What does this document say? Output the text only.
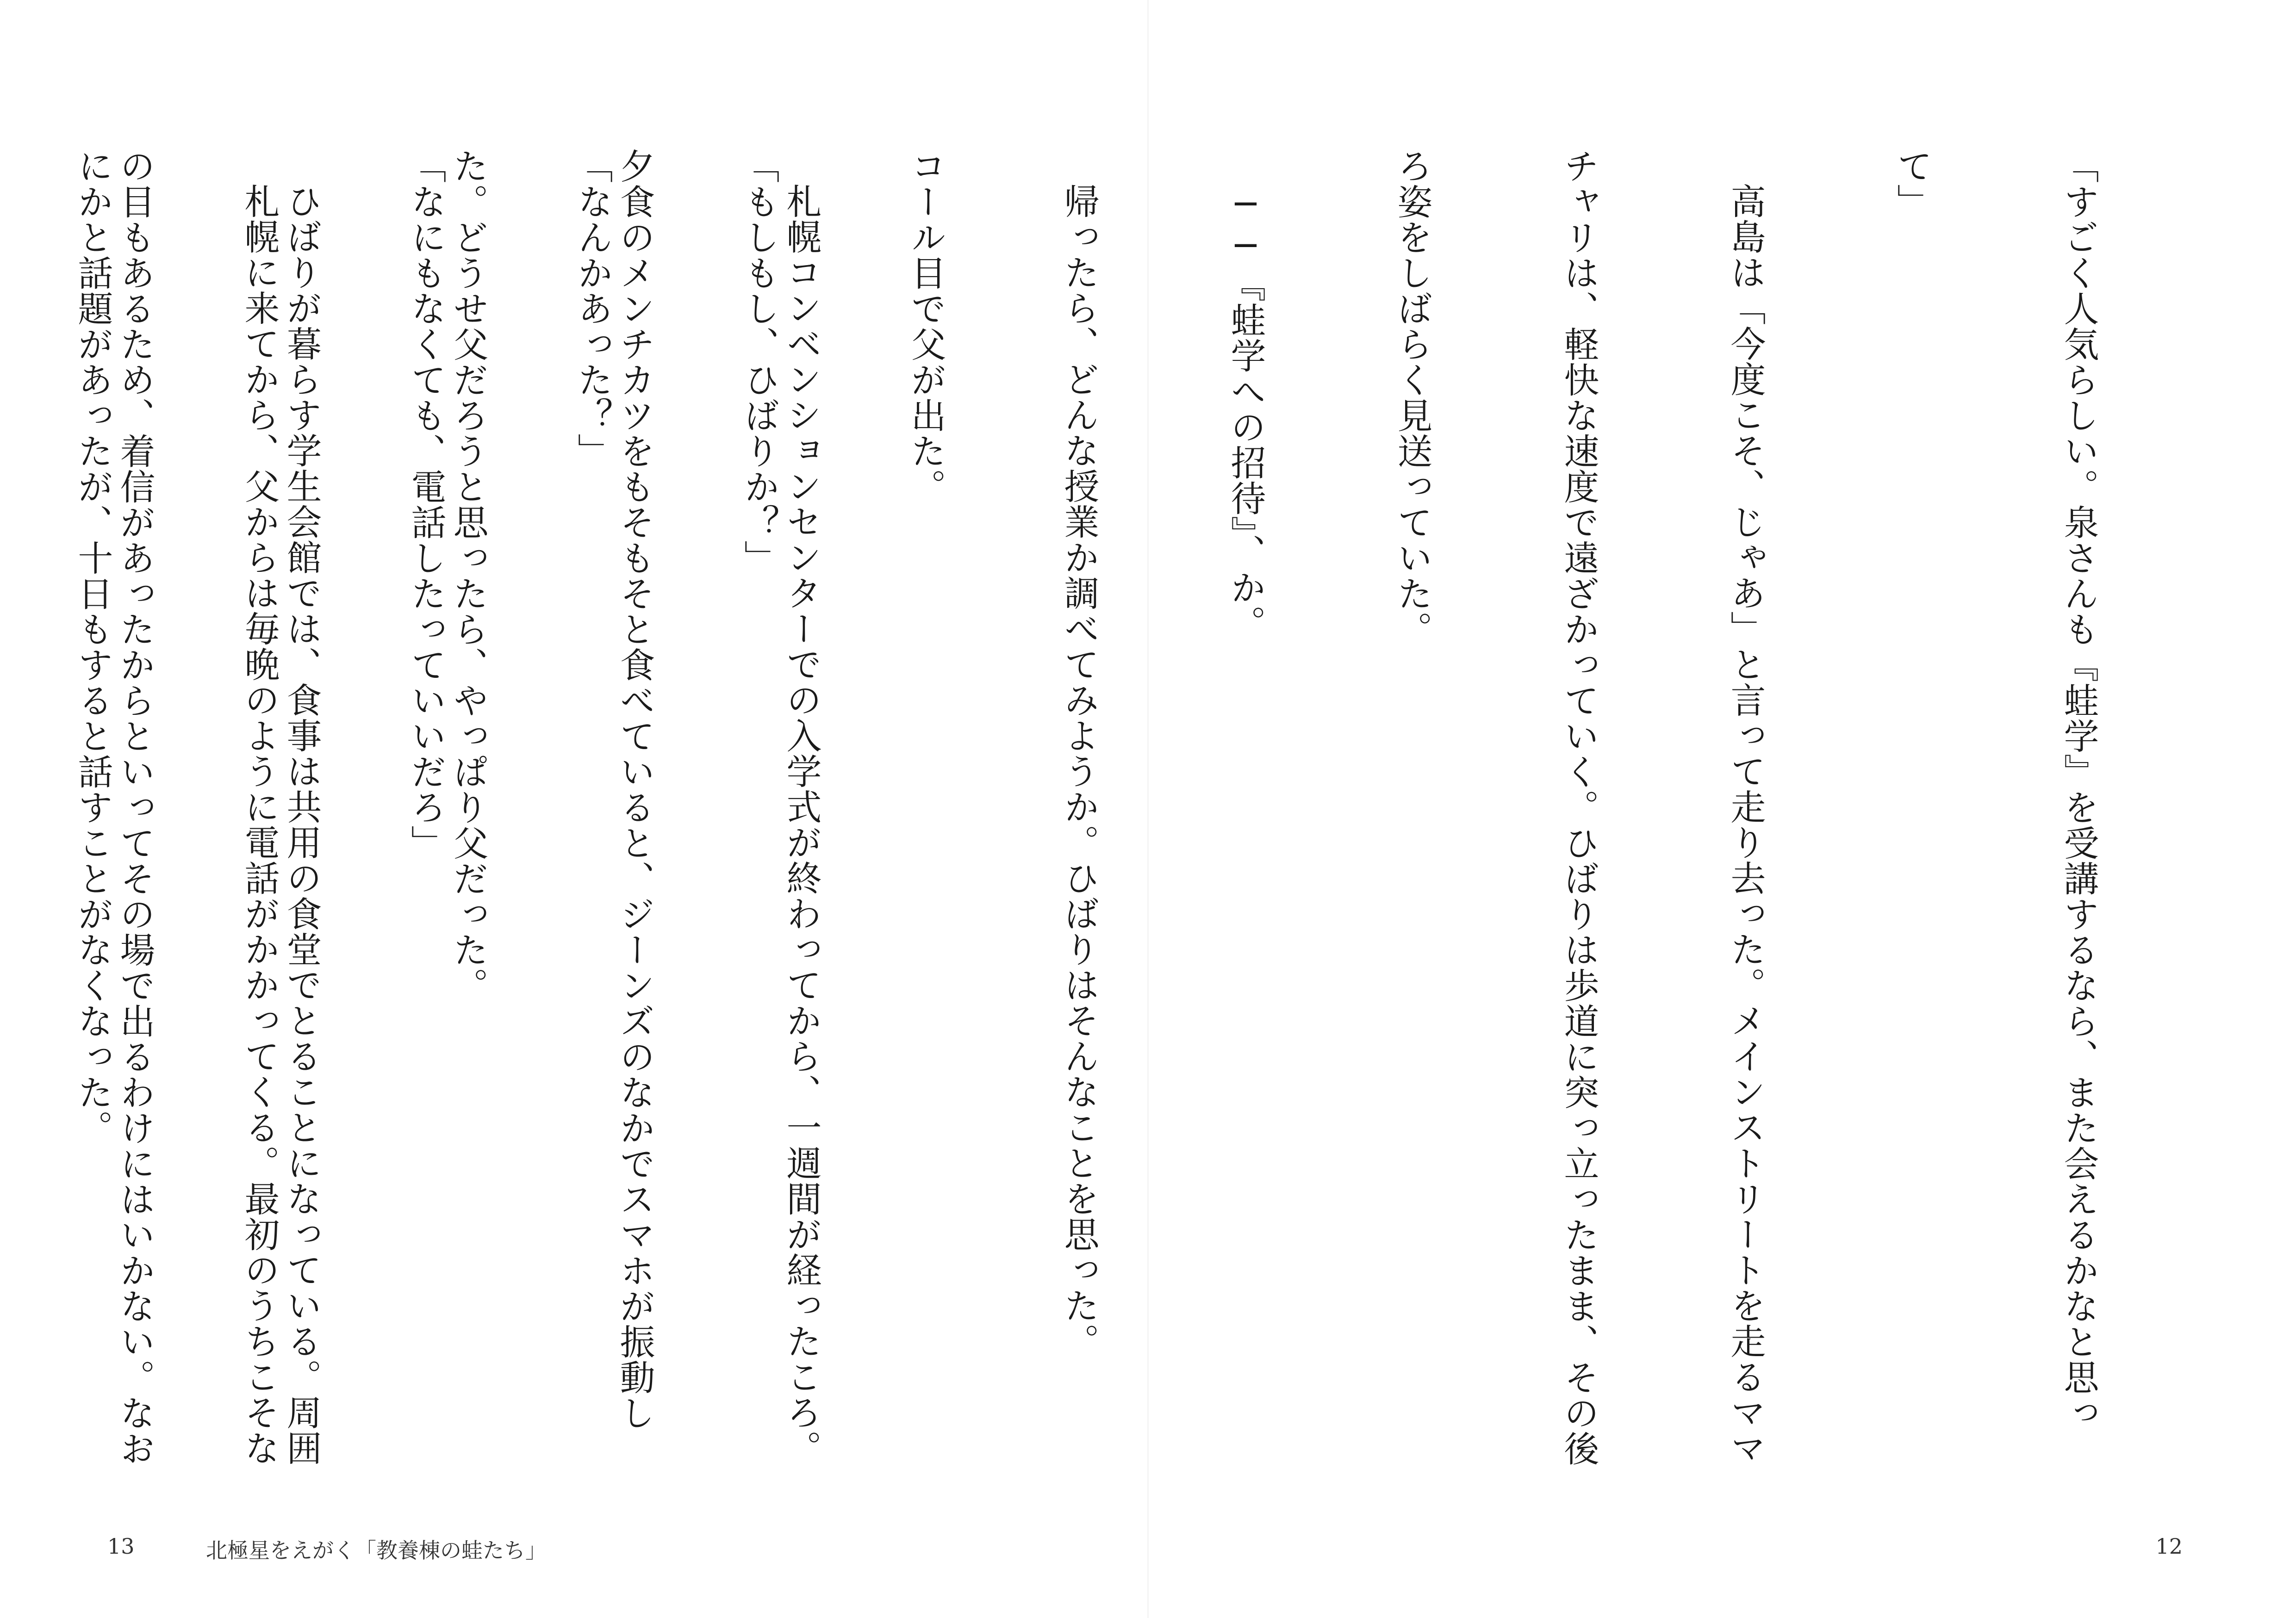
「すごく人気らしい。泉さんも『蛙学』を受講するなら、また会えるかなと思っ

て」

高島は「今度こそ、じゃあ」と言って走り去った。メインストリートを走るママ

チャリは、軽快な速度で遠ざかっていく。ひばりは歩道に突っ立ったまま、その後

ろ姿をしばらく見送っていた。

──『蛙学への招待』、か。

帰ったら、どんな授業か調べてみようか。ひばりはそんなことを思った。

札幌コンベンションセンターでの入学式が終わってから、一週間が経ったころ。

夕食のメンチカツをもそもそと食べていると、ジーンズのなかでスマホが振動し

た。どうせ父だろうと思ったら、やっぱり父だった。

ひばりが暮らす学生会館では、食事は共用の食堂でとることになっている。周囲

の目もあるため、着信があったからといってその場で出るわけにはいかない。なお

12

コール目で父が出た。

「もしもし、ひばりか？」

「なんかあった？」

「なにもなくても、電話したっていいだろ」

札幌に来てから、父からは毎晩のように電話がかかってくる。最初のうちこそな

にかと話題があったが、十日もすると話すことがなくなった。

13	北極星をえがく「教養棟の蛙たち」
